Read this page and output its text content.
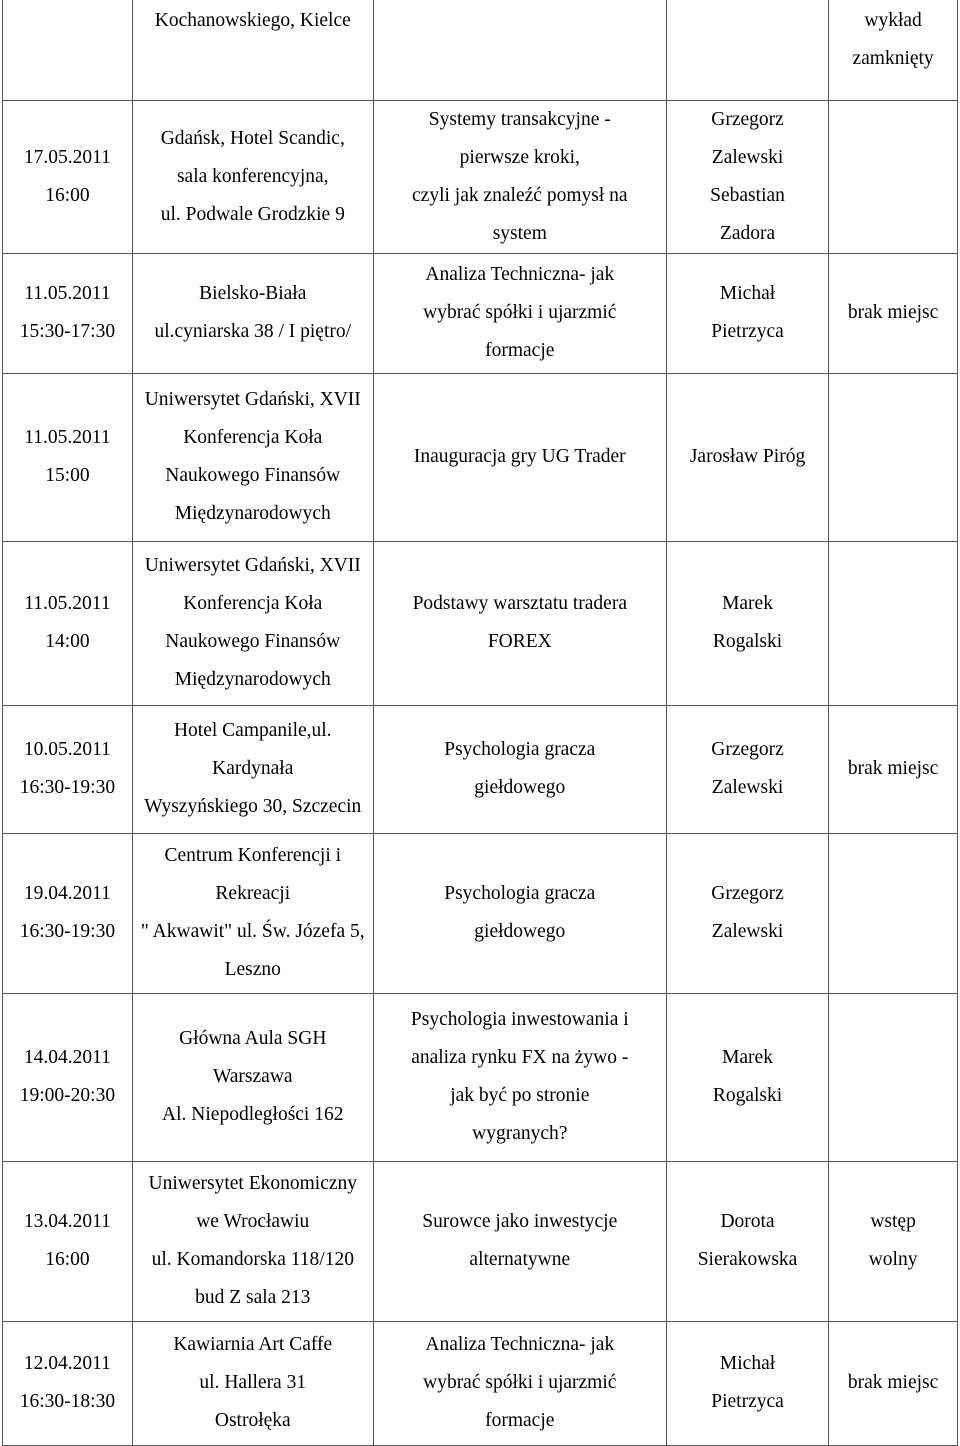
	Kochanowskiego, Kielce			wykład
zamknięty

17.05.2011
16:00	Gdańsk, Hotel Scandic,
sala konferencyjna,
ul. Podwale Grodzkie 9	Systemy transakcyjne -
pierwsze kroki,
czyli jak znaleźć pomysł na
system	Grzegorz
Zalewski
Sebastian
Zadora	

11.05.2011
15:30-17:30	Bielsko-Biała
ul.cyniarska 38 / I piętro/	Analiza Techniczna- jak
wybrać spółki i ujarzmić
formacje	Michał
Pietrzyca	brak miejsc

11.05.2011
15:00	Uniwersytet Gdański, XVII
Konferencja Koła
Naukowego Finansów
Międzynarodowych	Inauguracja gry UG Trader	Jarosław Piróg	

11.05.2011
14:00	Uniwersytet Gdański, XVII
Konferencja Koła
Naukowego Finansów
Międzynarodowych	Podstawy warsztatu tradera
FOREX	Marek
Rogalski	

10.05.2011
16:30-19:30	Hotel Campanile,ul.
Kardynała
Wyszyńskiego 30, Szczecin	Psychologia gracza
giełdowego	Grzegorz
Zalewski	brak miejsc

19.04.2011
16:30-19:30	Centrum Konferencji i
Rekreacji
" Akwawit" ul. Św. Józefa 5,
Leszno	Psychologia gracza
giełdowego	Grzegorz
Zalewski	

14.04.2011
19:00-20:30	Główna Aula SGH
Warszawa
Al. Niepodległości 162	Psychologia inwestowania i
analiza rynku FX na żywo -
jak być po stronie
wygranych?	Marek
Rogalski	

13.04.2011
16:00	Uniwersytet Ekonomiczny
we Wrocławiu
ul. Komandorska 118/120
bud Z sala 213	Surowce jako inwestycje
alternatywne	Dorota
Sierakowska	wstęp
wolny

12.04.2011
16:30-18:30	Kawiarnia Art Caffe
ul. Hallera 31
Ostrołęka	Analiza Techniczna- jak
wybrać spółki i ujarzmić
formacje	Michał
Pietrzyca	brak miejsc
